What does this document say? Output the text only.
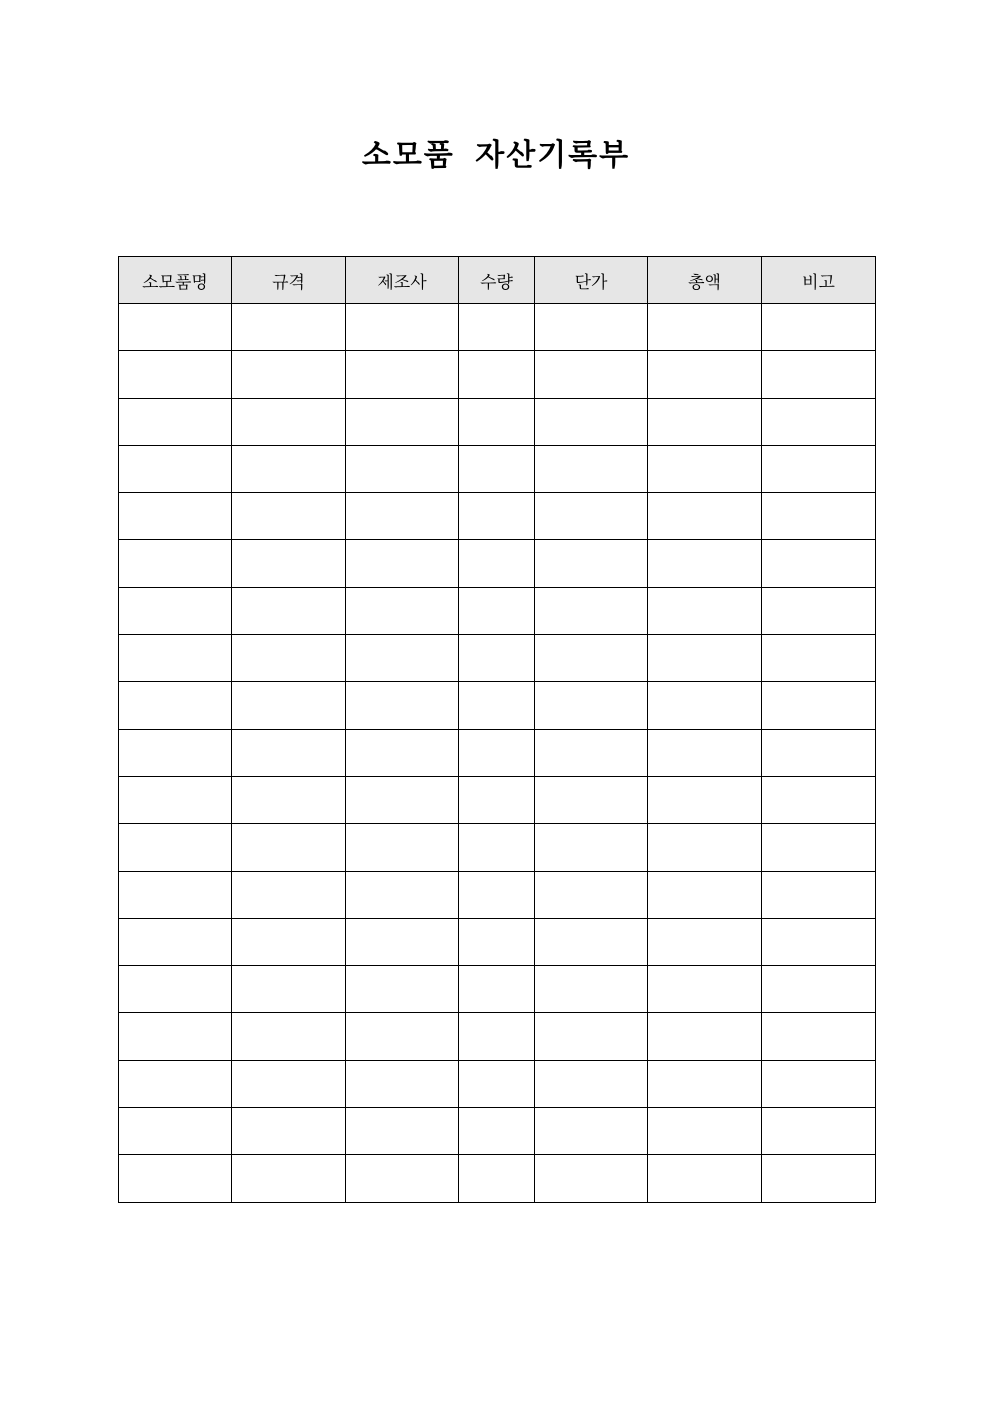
소모품 자산기록부
소모품명	규격	제조사	수량	단가	총액	비고
